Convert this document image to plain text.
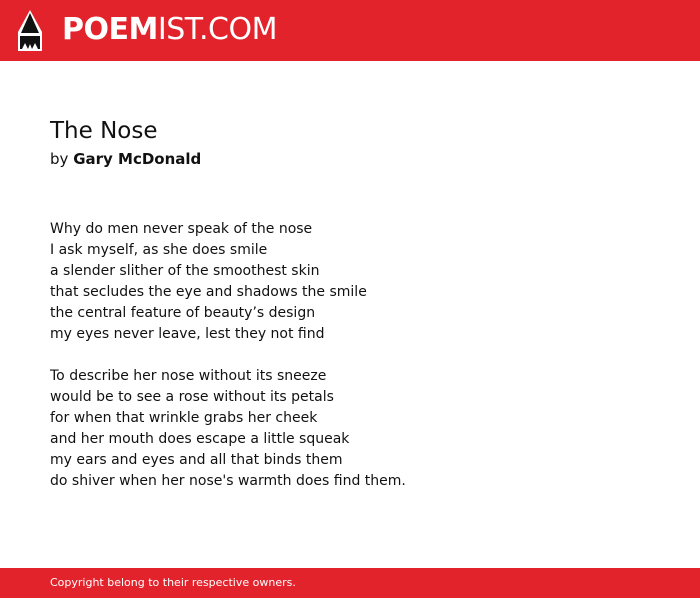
POEMIST.COM
The Nose
by Gary McDonald
Why do men never speak of the nose
I ask myself, as she does smile
a slender slither of the smoothest skin
that secludes the eye and shadows the smile
the central feature of beauty’s design
my eyes never leave, lest they not find
To describe her nose without its sneeze
would be to see a rose without its petals
for when that wrinkle grabs her cheek
and her mouth does escape a little squeak
my ears and eyes and all that binds them
do shiver when her nose's warmth does find them.
Copyright belong to their respective owners.
